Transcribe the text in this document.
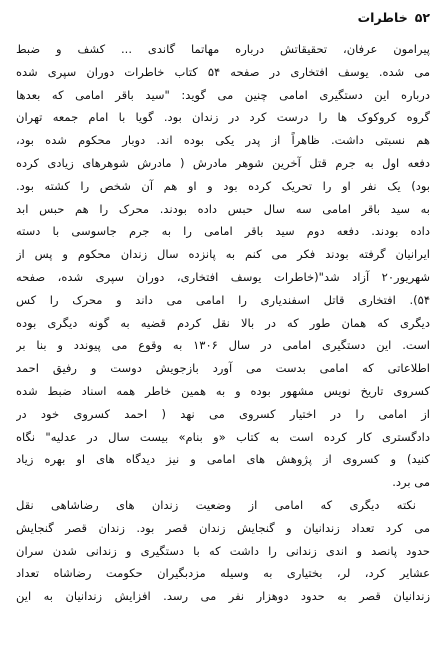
۵۲
خاطرات
پیرامون عرفان، تحقیقاتش درباره مهاتما گاندی ... کشف و ضبط
می شده. یوسف افتخاری در صفحه ۵۴ کتاب خاطرات دوران سپری شده
درباره این دستگیری امامی چنین می گوید: "سید باقر امامی که بعدها
گروه کروکوک ها را درست کرد در زندان بود. گویا با امام جمعه تهران
هم نسبتی داشت. ظاهراً از پدر یکی بوده اند. دوبار محکوم شده بود،
دفعه اول به جرم قتل آخرین شوهر مادرش ( مادرش شوهرهای زیادی کرده
بود) یک نفر او را تحریک کرده بود و او هم آن شخص را کشته بود.
به سید باقر امامی سه سال حبس داده بودند. محرک را هم حبس ابد
داده بودند. دفعه دوم سید باقر امامی را به جرم جاسوسی با دسته
ایرانیان گرفته بودند فکر می کنم به پانزده سال زندان محکوم و پس از
شهریور۲۰ آزاد شد"(خاطرات یوسف افتخاری، دوران سپری شده، صفحه
۵۴). افتخاری قاتل اسفندیاری را امامی می داند و محرک را کس
دیگری که همان طور که در بالا نقل کردم قضیه به گونه دیگری بوده
است. این دستگیری امامی در سال ۱۳۰۶ به وقوع می پیوندد و بنا بر
اطلاعاتی که امامی بدست می آورد بازجویش دوست و رفیق احمد
کسروی تاریخ نویس مشهور بوده و به همین خاطر همه اسناد ضبط شده
از امامی را در اختیار کسروی می نهد ( احمد کسروی خود در
دادگستری کار کرده است به کتاب «و بنام» بیست سال در عدلیه" نگاه
کنید) و کسروی از پژوهش های امامی و نیز دیدگاه های او بهره زیاد
می برد.
نکته دیگری که امامی از وضعیت زندان های رضاشاهی نقل
می کرد تعداد زندانیان و گنجایش زندان قصر بود. زندان قصر گنجایش
حدود پانصد و اندی زندانی را داشت که با دستگیری و زندانی شدن سران
عشایر کرد، لر، بختیاری به وسیله مزدبگیران حکومت رضاشاه تعداد
زندانیان قصر به حدود دوهزار نفر می رسد. افزایش زندانیان به این
